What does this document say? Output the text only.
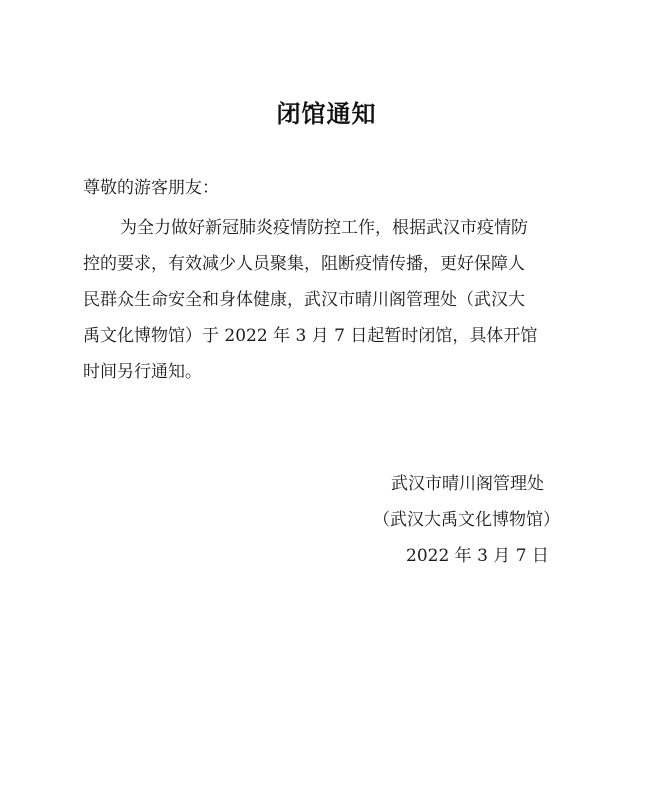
闭馆通知
尊敬的游客朋友：
为全力做好新冠肺炎疫情防控工作，根据武汉市疫情防
控的要求，有效减少人员聚集，阻断疫情传播，更好保障人
民群众生命安全和身体健康，武汉市晴川阁管理处（武汉大
禹文化博物馆）于 2022 年 3 月 7 日起暂时闭馆，具体开馆
时间另行通知。
武汉市晴川阁管理处
（武汉大禹文化博物馆）
2022 年 3 月 7 日
